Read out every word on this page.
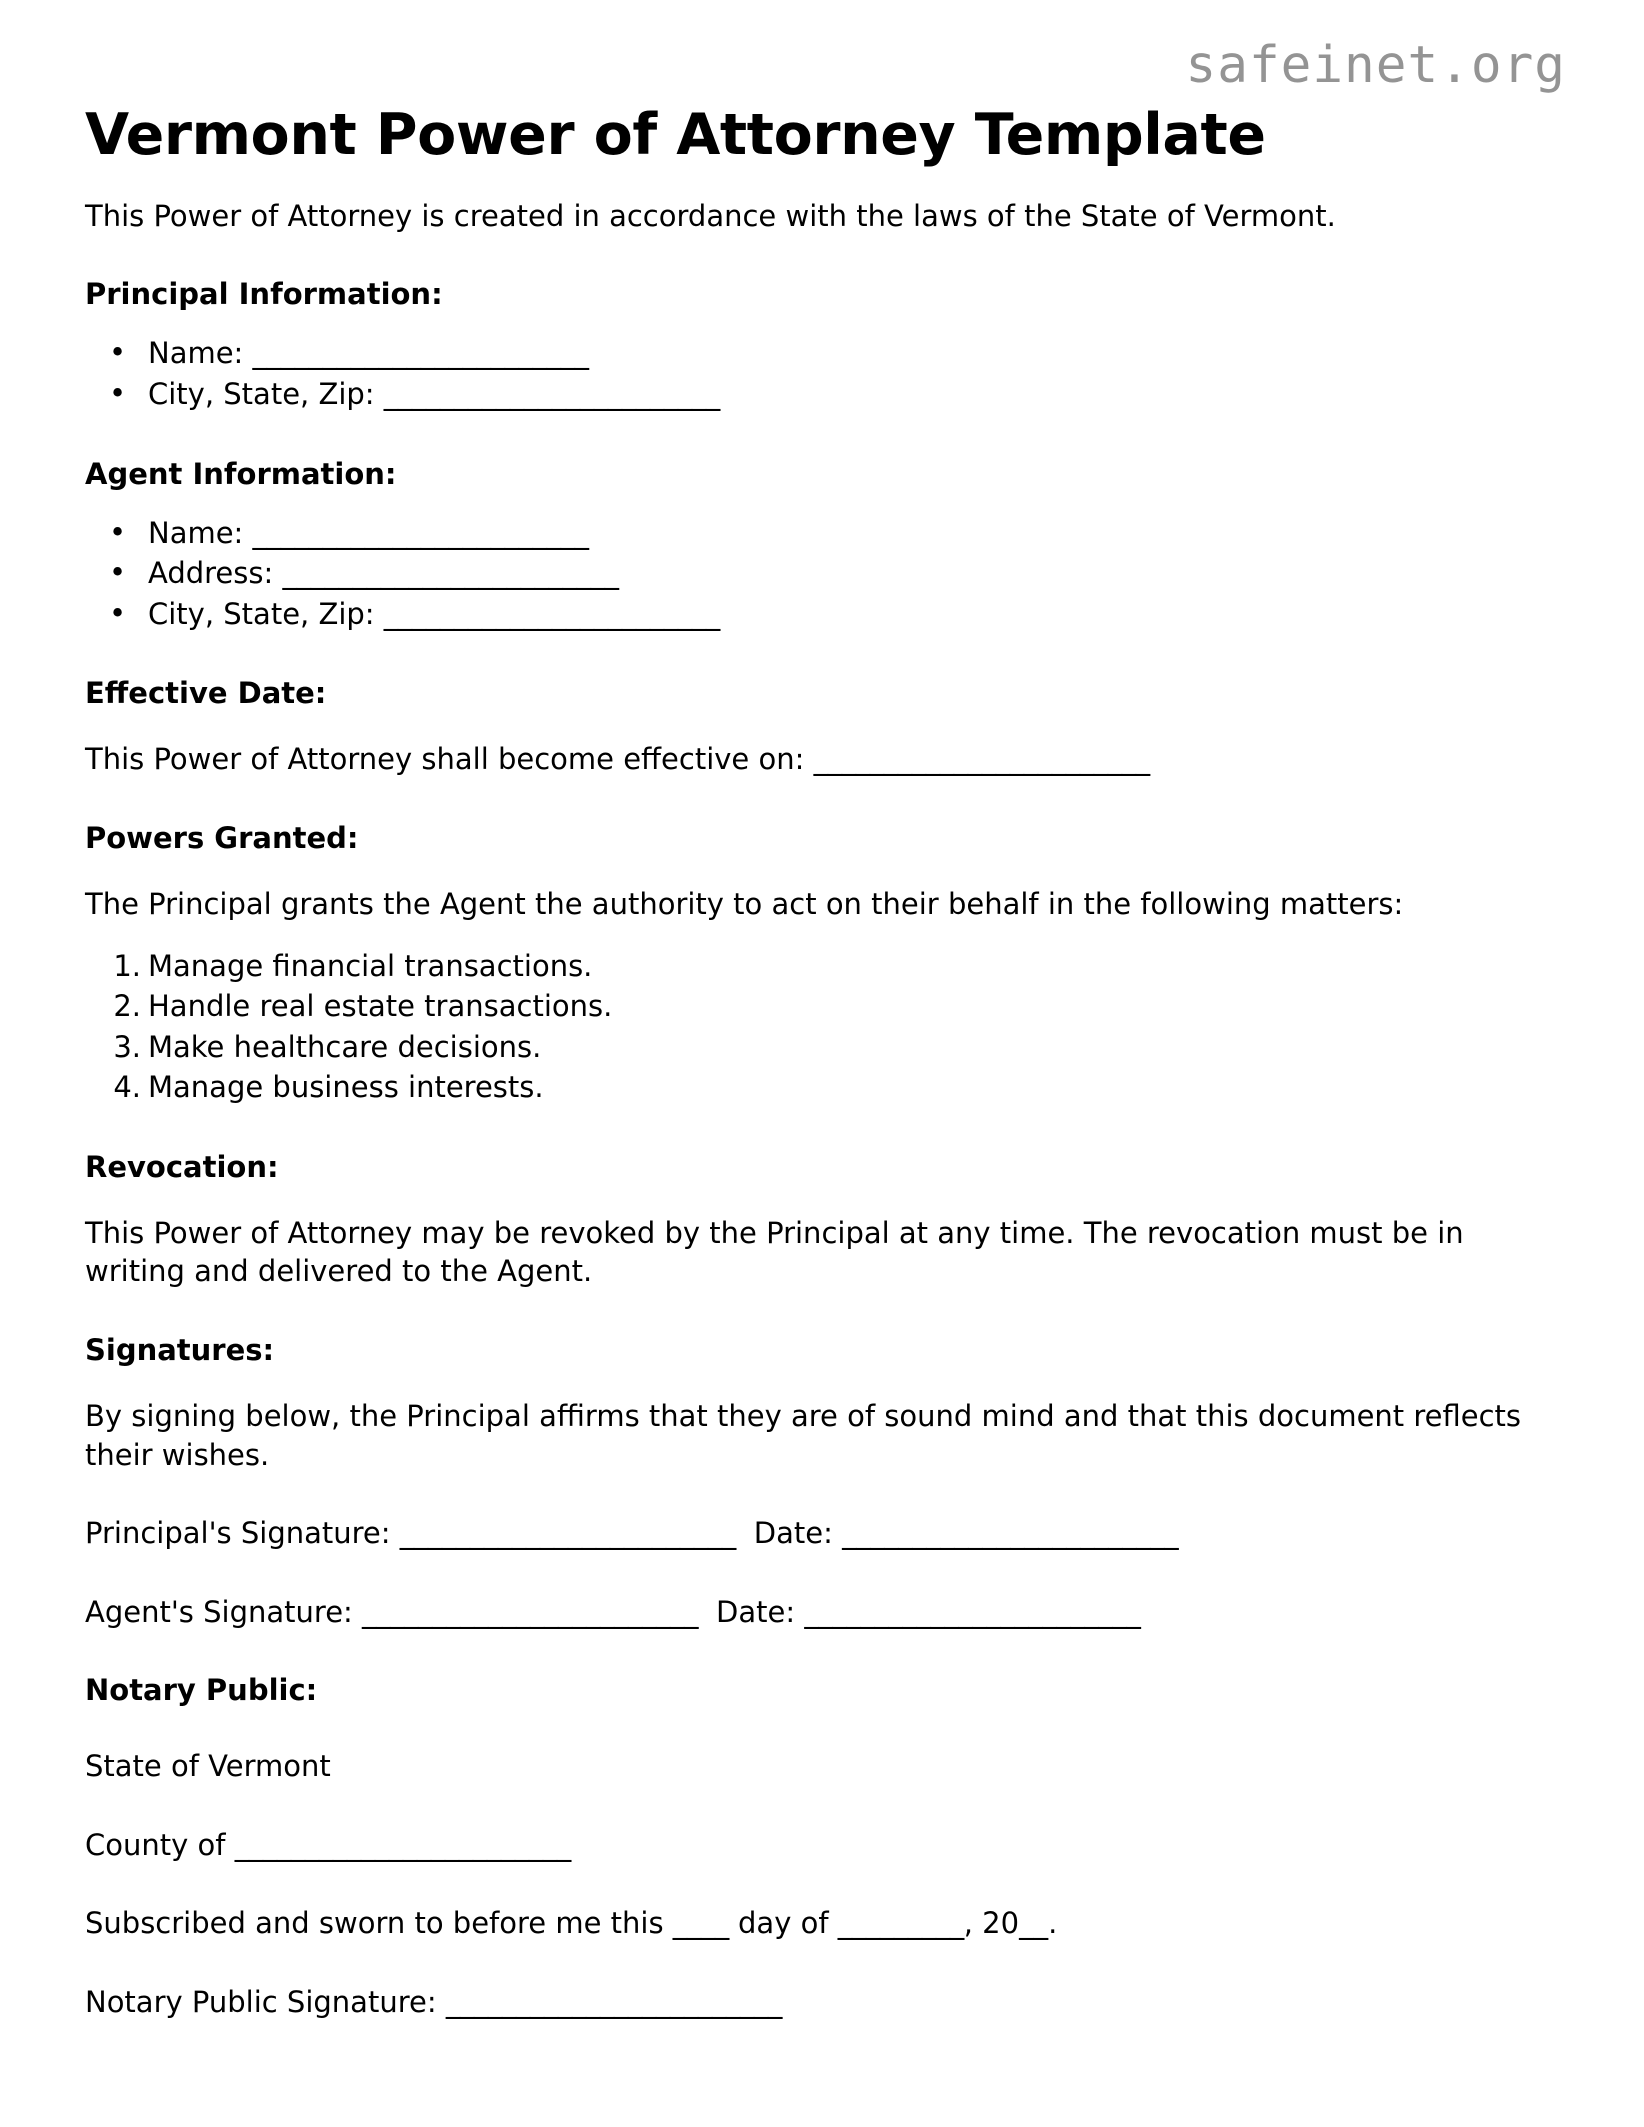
safeinet.org
Vermont Power of Attorney Template

This Power of Attorney is created in accordance with the laws of the State of Vermont.

Principal Information:

• Name: ________________________
• City, State, Zip: ________________________

Agent Information:

• Name: ________________________
• Address: ________________________
• City, State, Zip: ________________________

Effective Date:

This Power of Attorney shall become effective on: ________________________

Powers Granted:

The Principal grants the Agent the authority to act on their behalf in the following matters:

1. Manage financial transactions.
2. Handle real estate transactions.
3. Make healthcare decisions.
4. Manage business interests.

Revocation:

This Power of Attorney may be revoked by the Principal at any time. The revocation must be in writing and delivered to the Agent.

Signatures:

By signing below, the Principal affirms that they are of sound mind and that this document reflects their wishes.

Principal's Signature: ________________________ Date: ________________________

Agent's Signature: ________________________ Date: ________________________

Notary Public:

State of Vermont

County of ________________________

Subscribed and sworn to before me this ____ day of _________, 20__.

Notary Public Signature: ________________________
